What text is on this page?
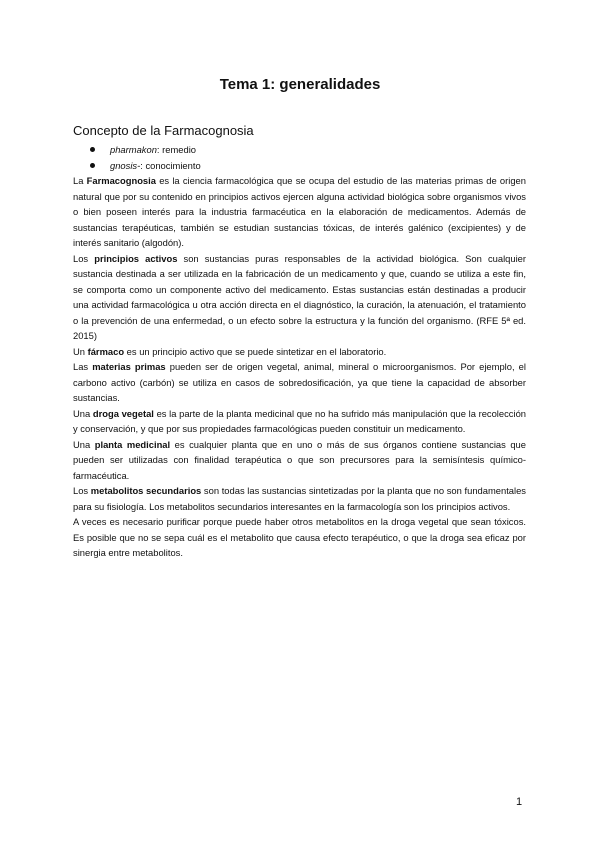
Tema 1: generalidades
Concepto de la Farmacognosia
pharmakon: remedio
gnosis-: conocimiento

La Farmacognosia es la ciencia farmacológica que se ocupa del estudio de las materias primas de origen natural que por su contenido en principios activos ejercen alguna actividad biológica sobre organismos vivos o bien poseen interés para la industria farmacéutica en la elaboración de medicamentos. Además de sustancias terapéuticas, también se estudian sustancias tóxicas, de interés galénico (excipientes) y de interés sanitario (algodón).

Los principios activos son sustancias puras responsables de la actividad biológica. Son cualquier sustancia destinada a ser utilizada en la fabricación de un medicamento y que, cuando se utiliza a este fin, se comporta como un componente activo del medicamento. Estas sustancias están destinadas a producir una actividad farmacológica u otra acción directa en el diagnóstico, la curación, la atenuación, el tratamiento o la prevención de una enfermedad, o un efecto sobre la estructura y la función del organismo. (RFE 5ª ed. 2015)

Un fármaco es un principio activo que se puede sintetizar en el laboratorio.

Las materias primas pueden ser de origen vegetal, animal, mineral o microorganismos. Por ejemplo, el carbono activo (carbón) se utiliza en casos de sobredosificación, ya que tiene la capacidad de absorber sustancias.

Una droga vegetal es la parte de la planta medicinal que no ha sufrido más manipulación que la recolección y conservación, y que por sus propiedades farmacológicas pueden constituir un medicamento.

Una planta medicinal es cualquier planta que en uno o más de sus órganos contiene sustancias que pueden ser utilizadas con finalidad terapéutica o que son precursores para la semisíntesis químico-farmacéutica.

Los metabolitos secundarios son todas las sustancias sintetizadas por la planta que no son fundamentales para su fisiología. Los metabolitos secundarios interesantes en la farmacología son los principios activos.

A veces es necesario purificar porque puede haber otros metabolitos en la droga vegetal que sean tóxicos. Es posible que no se sepa cuál es el metabolito que causa efecto terapéutico, o que la droga sea eficaz por sinergia entre metabolitos.

1
